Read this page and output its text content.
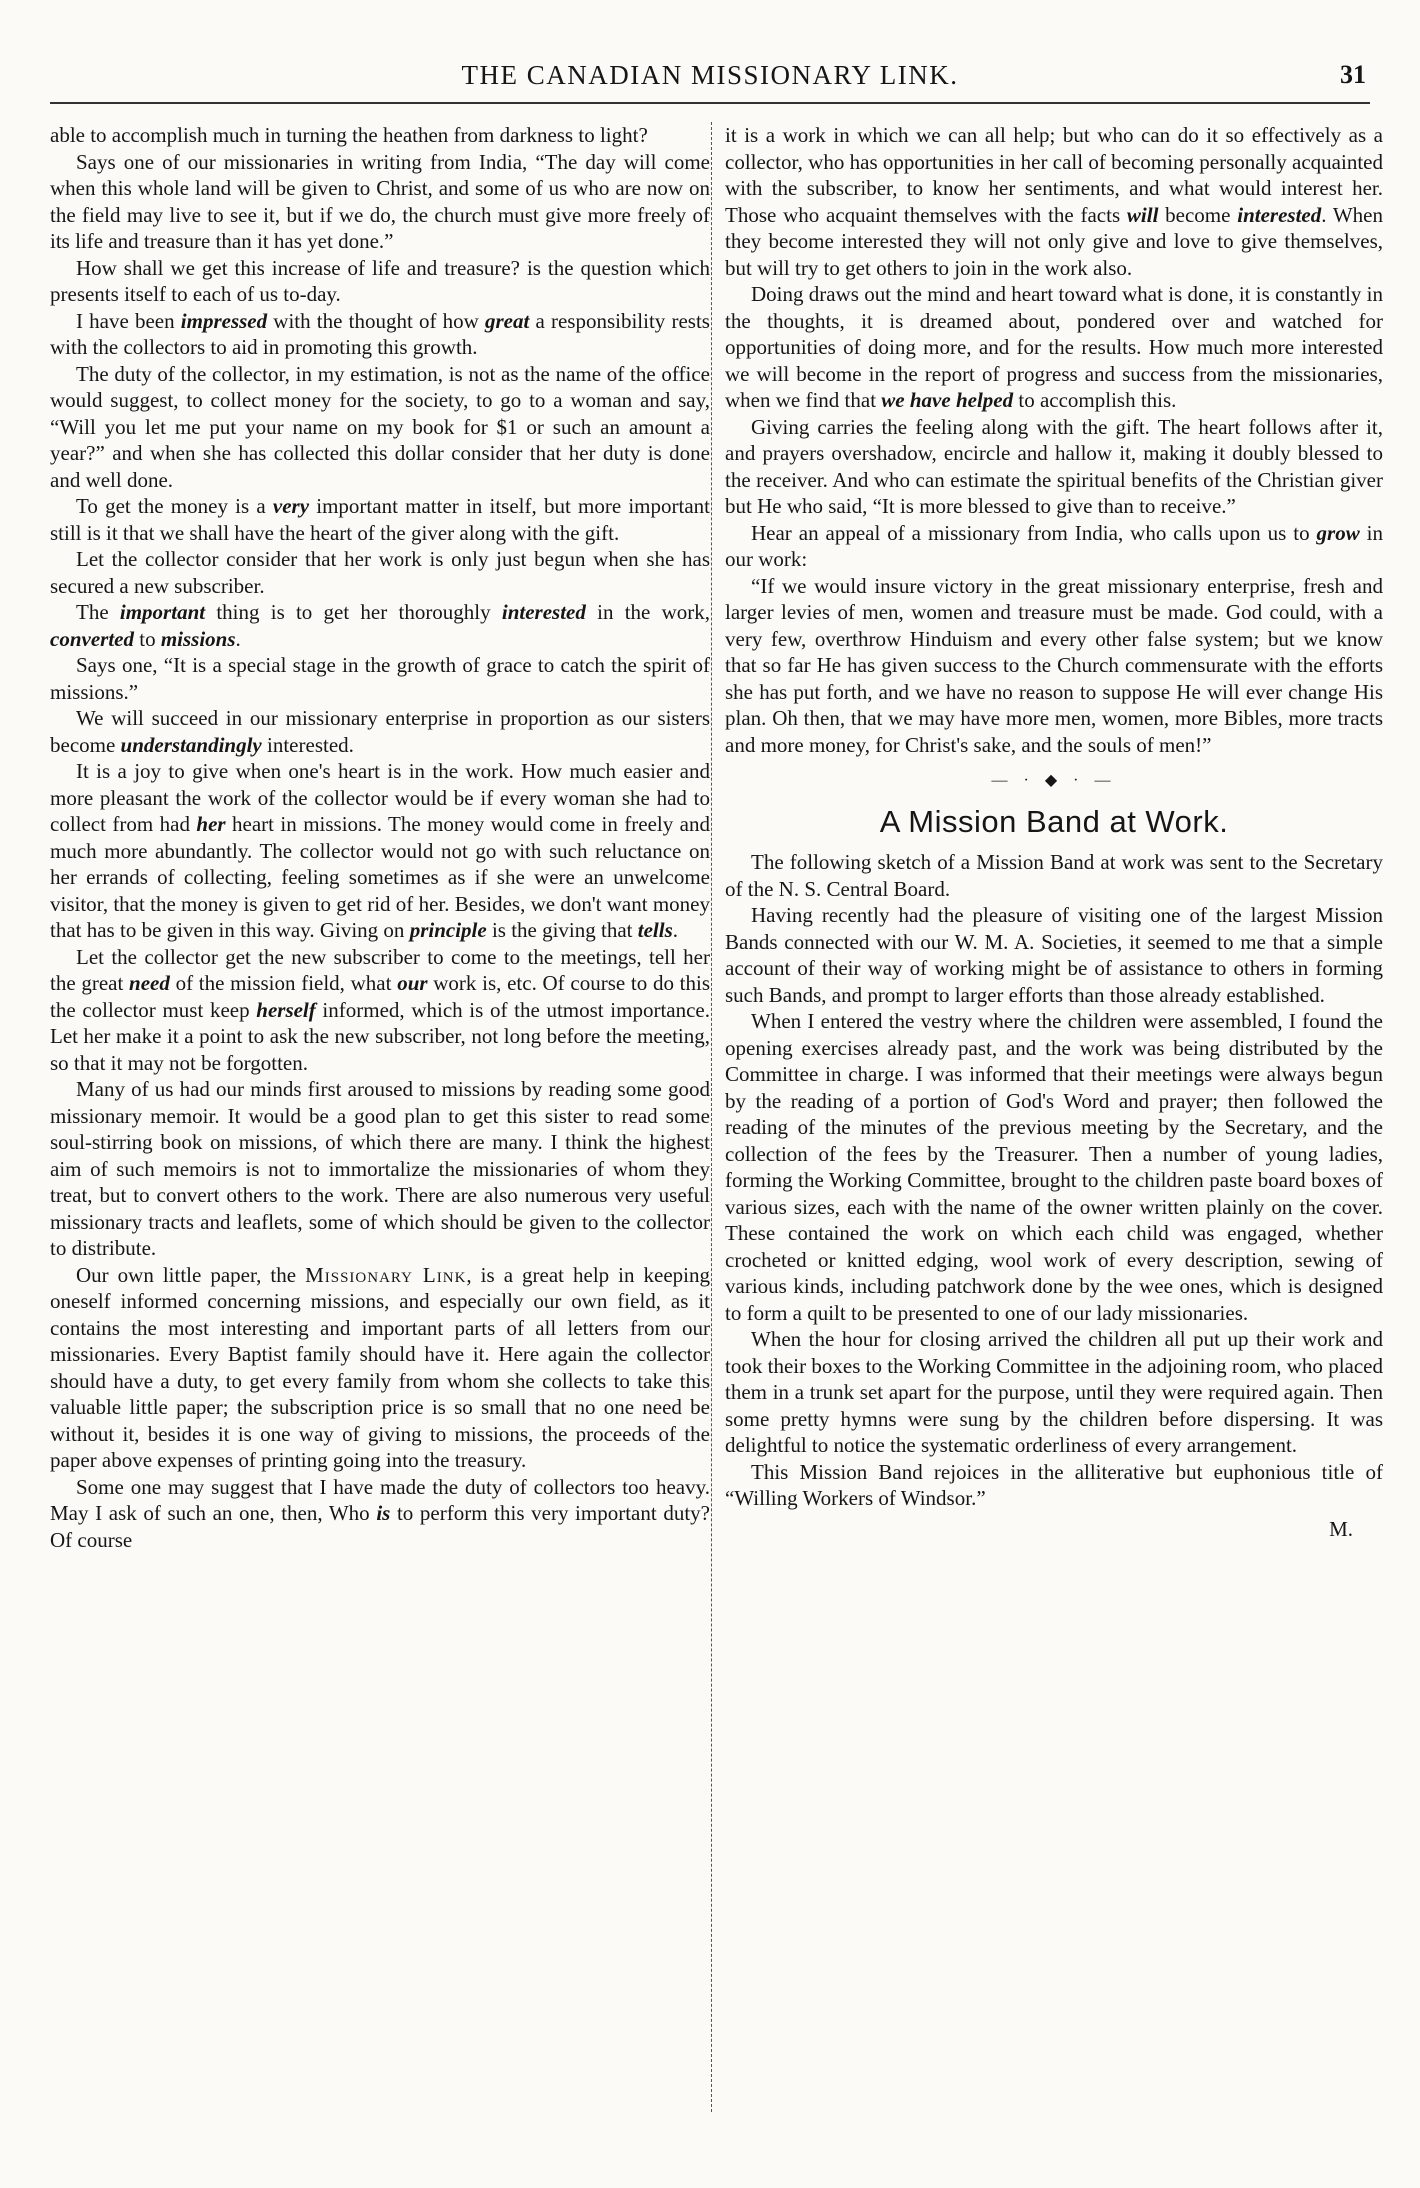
THE CANADIAN MISSIONARY LINK.	31

able to accomplish much in turning the heathen from darkness to light?

Says one of our missionaries in writing from India, “The day will come when this whole land will be given to Christ, and some of us who are now on the field may live to see it, but if we do, the church must give more freely of its life and treasure than it has yet done.”

How shall we get this increase of life and treasure? is the question which presents itself to each of us to-day.

I have been impressed with the thought of how great a responsibility rests with the collectors to aid in promoting this growth.

The duty of the collector, in my estimation, is not as the name of the office would suggest, to collect money for the society, to go to a woman and say, “Will you let me put your name on my book for $1 or such an amount a year?” and when she has collected this dollar consider that her duty is done and well done.

To get the money is a very important matter in itself, but more important still is it that we shall have the heart of the giver along with the gift.

Let the collector consider that her work is only just begun when she has secured a new subscriber.

The important thing is to get her thoroughly interested in the work, converted to missions.

Says one, “It is a special stage in the growth of grace to catch the spirit of missions.”

We will succeed in our missionary enterprise in proportion as our sisters become understandingly interested.

It is a joy to give when one's heart is in the work. How much easier and more pleasant the work of the collector would be if every woman she had to collect from had her heart in missions. The money would come in freely and much more abundantly. The collector would not go with such reluctance on her errands of collecting, feeling sometimes as if she were an unwelcome visitor, that the money is given to get rid of her. Besides, we don't want money that has to be given in this way. Giving on principle is the giving that tells.

Let the collector get the new subscriber to come to the meetings, tell her the great need of the mission field, what our work is, etc. Of course to do this the collector must keep herself informed, which is of the utmost importance. Let her make it a point to ask the new subscriber, not long before the meeting, so that it may not be forgotten.

Many of us had our minds first aroused to missions by reading some good missionary memoir. It would be a good plan to get this sister to read some soul-stirring book on missions, of which there are many. I think the highest aim of such memoirs is not to immortalize the missionaries of whom they treat, but to convert others to the work. There are also numerous very useful missionary tracts and leaflets, some of which should be given to the collector to distribute.

Our own little paper, the Missionary Link, is a great help in keeping oneself informed concerning missions, and especially our own field, as it contains the most interesting and important parts of all letters from our missionaries. Every Baptist family should have it. Here again the collector should have a duty, to get every family from whom she collects to take this valuable little paper; the subscription price is so small that no one need be without it, besides it is one way of giving to missions, the proceeds of the paper above expenses of printing going into the treasury.

Some one may suggest that I have made the duty of collectors too heavy. May I ask of such an one, then, Who is to perform this very important duty? Of course

it is a work in which we can all help; but who can do it so effectively as a collector, who has opportunities in her call of becoming personally acquainted with the subscriber, to know her sentiments, and what would interest her. Those who acquaint themselves with the facts will become interested. When they become interested they will not only give and love to give themselves, but will try to get others to join in the work also.

Doing draws out the mind and heart toward what is done, it is constantly in the thoughts, it is dreamed about, pondered over and watched for opportunities of doing more, and for the results. How much more interested we will become in the report of progress and success from the missionaries, when we find that we have helped to accomplish this.

Giving carries the feeling along with the gift. The heart follows after it, and prayers overshadow, encircle and hallow it, making it doubly blessed to the receiver. And who can estimate the spiritual benefits of the Christian giver but He who said, “It is more blessed to give than to receive.”

Hear an appeal of a missionary from India, who calls upon us to grow in our work:

“If we would insure victory in the great missionary enterprise, fresh and larger levies of men, women and treasure must be made. God could, with a very few, overthrow Hinduism and every other false system; but we know that so far He has given success to the Church commensurate with the efforts she has put forth, and we have no reason to suppose He will ever change His plan. Oh then, that we may have more men, women, more Bibles, more tracts and more money, for Christ's sake, and the souls of men!”

— · ◆ · —
A Mission Band at Work.

The following sketch of a Mission Band at work was sent to the Secretary of the N. S. Central Board.

Having recently had the pleasure of visiting one of the largest Mission Bands connected with our W. M. A. Societies, it seemed to me that a simple account of their way of working might be of assistance to others in forming such Bands, and prompt to larger efforts than those already established.

When I entered the vestry where the children were assembled, I found the opening exercises already past, and the work was being distributed by the Committee in charge. I was informed that their meetings were always begun by the reading of a portion of God's Word and prayer; then followed the reading of the minutes of the previous meeting by the Secretary, and the collection of the fees by the Treasurer. Then a number of young ladies, forming the Working Committee, brought to the children paste board boxes of various sizes, each with the name of the owner written plainly on the cover. These contained the work on which each child was engaged, whether crocheted or knitted edging, wool work of every description, sewing of various kinds, including patchwork done by the wee ones, which is designed to form a quilt to be presented to one of our lady missionaries.

When the hour for closing arrived the children all put up their work and took their boxes to the Working Committee in the adjoining room, who placed them in a trunk set apart for the purpose, until they were required again. Then some pretty hymns were sung by the children before dispersing. It was delightful to notice the systematic orderliness of every arrangement.

This Mission Band rejoices in the alliterative but euphonious title of “Willing Workers of Windsor.”

M.
